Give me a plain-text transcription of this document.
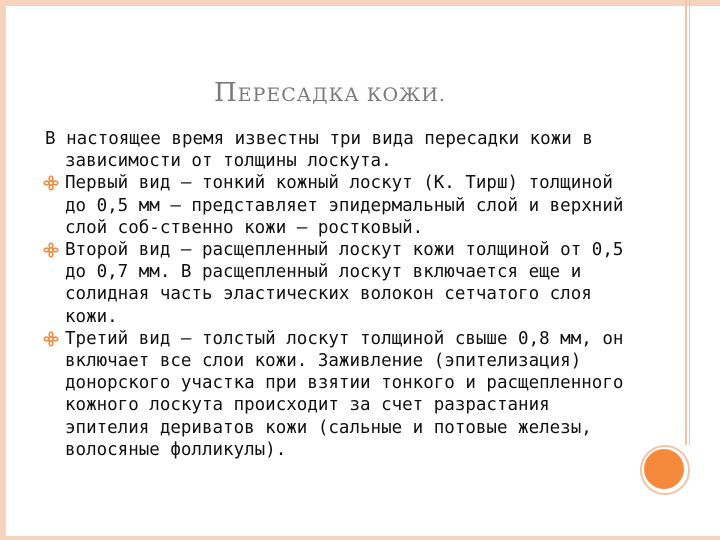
ПЕРЕСАДКА КОЖИ.

В настоящее время известны три вида пересадки кожи в зависимости от толщины лоскута.

Первый вид — тонкий кожный лоскут (К. Тирш) толщиной до 0,5 мм — представляет эпидермальный слой и верхний слой соб-ственно кожи — ростковый.
Второй вид — расщепленный лоскут кожи толщиной от 0,5 до 0,7 мм. В расщепленный лоскут включается еще и солидная часть эластических волокон сетчатого слоя кожи.
Третий вид — толстый лоскут толщиной свыше 0,8 мм, он включает все слои кожи. Заживление (эпителизация) донорского участка при взятии тонкого и расщепленного кожного лоскута происходит за счет разрастания эпителия дериватов кожи (сальные и потовые железы, волосяные фолликулы).
